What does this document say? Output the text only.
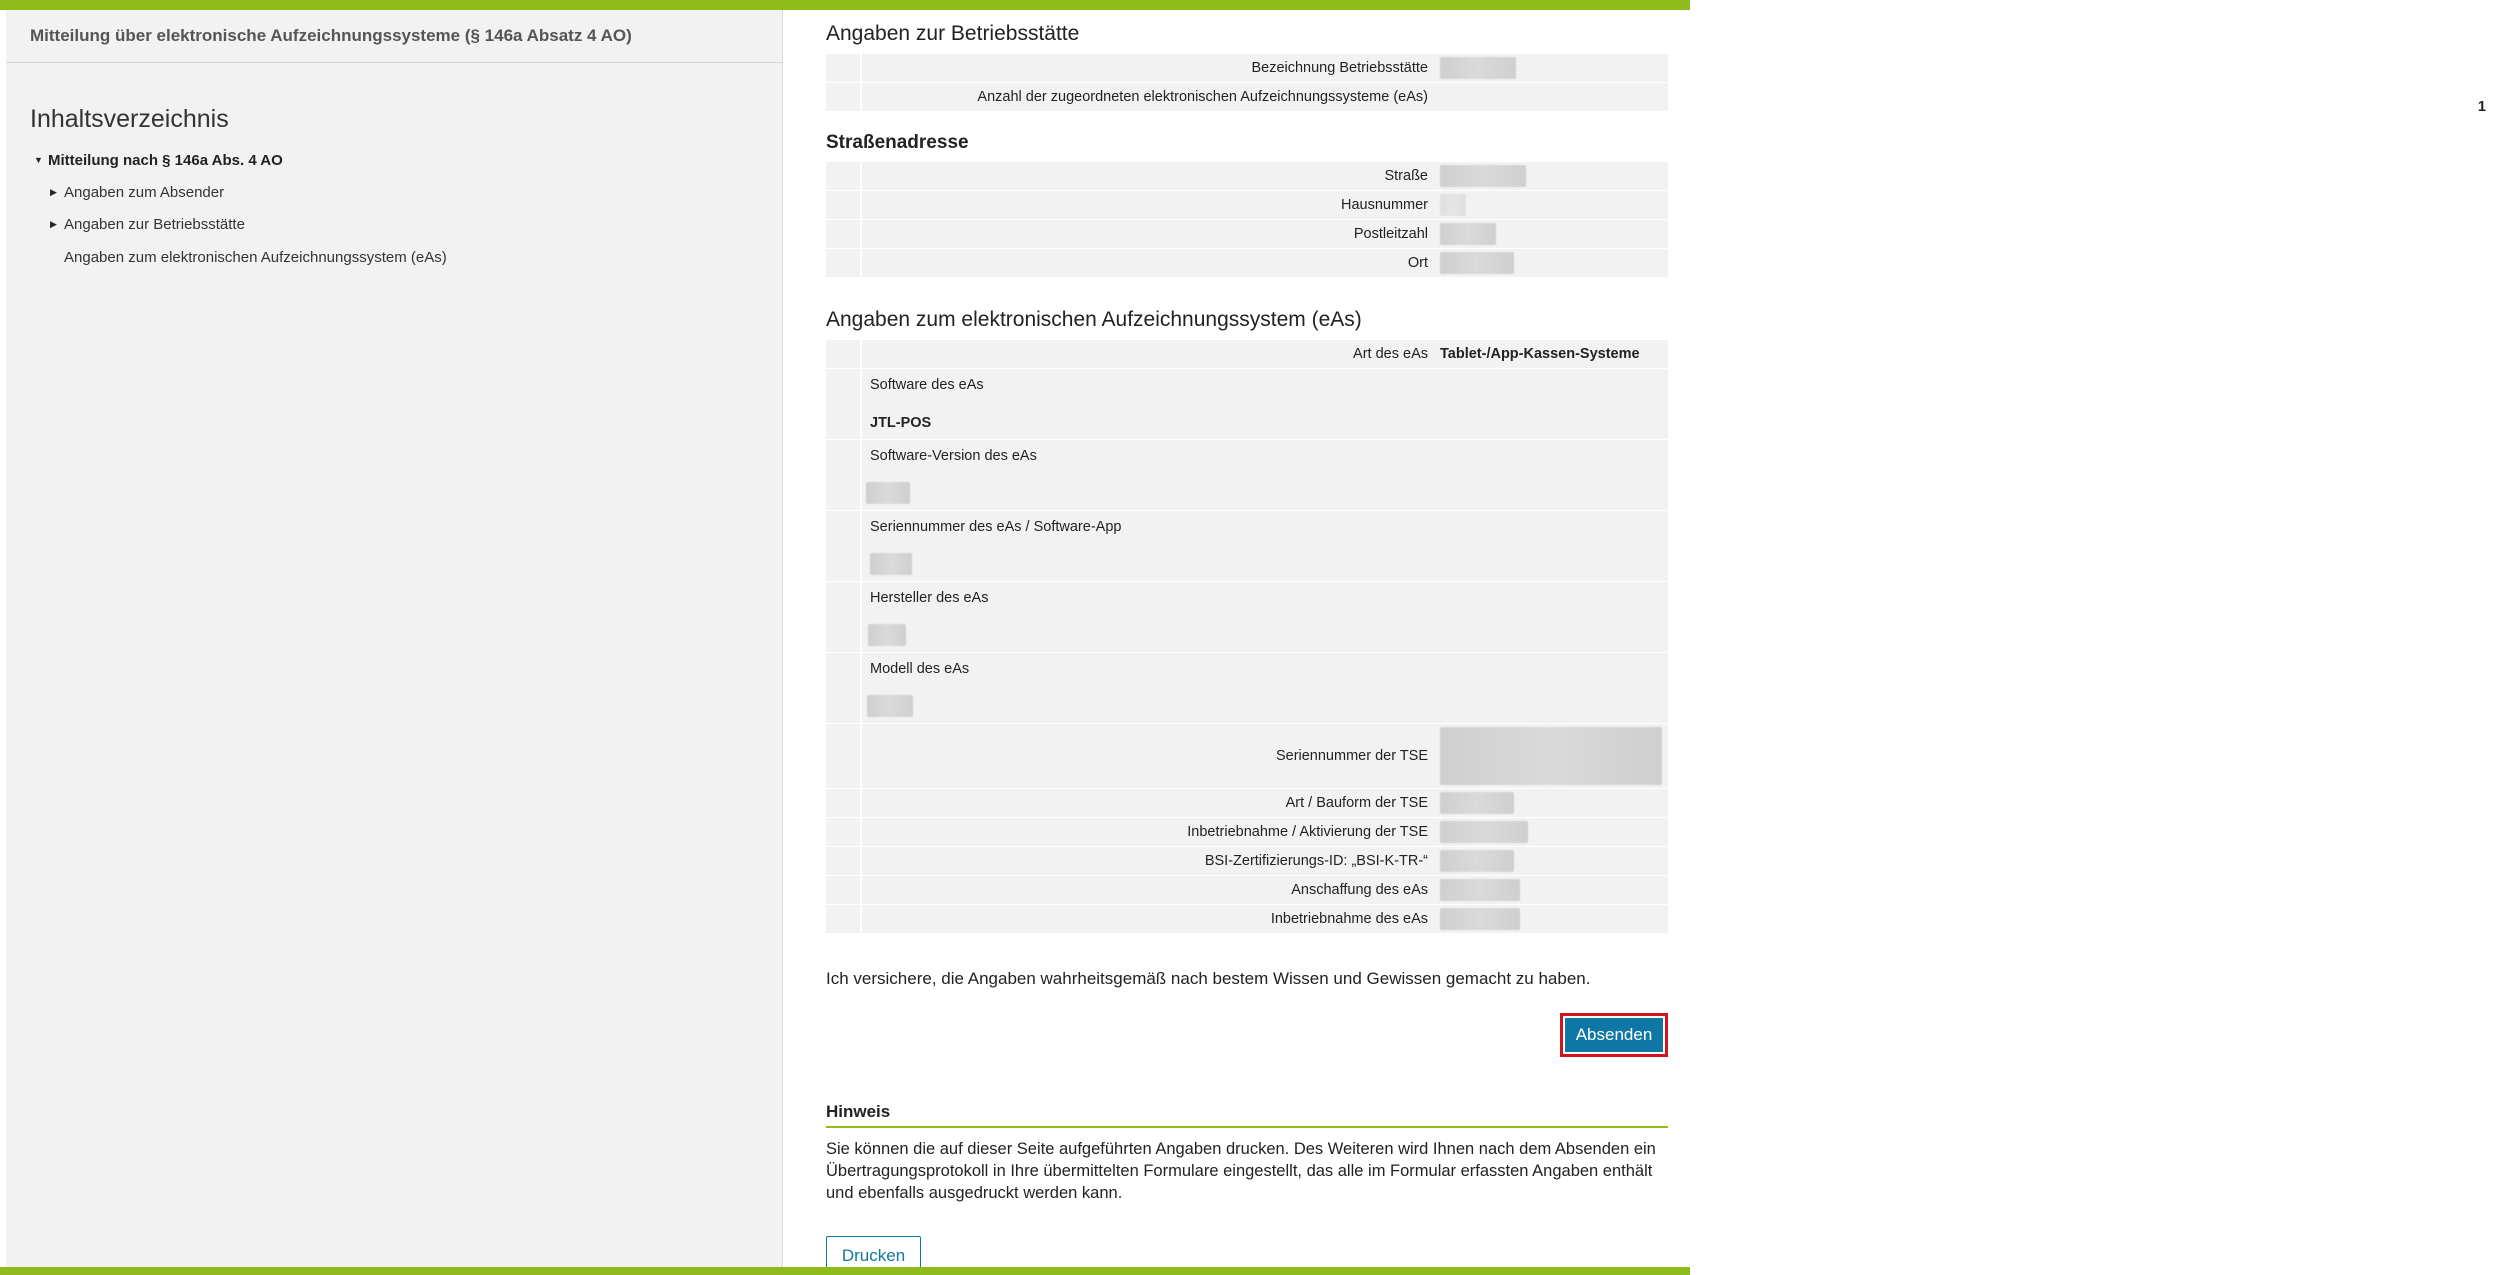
Mitteilung über elektronische Aufzeichnungssysteme (§ 146a Absatz 4 AO)
Inhaltsverzeichnis
▼ Mitteilung nach § 146a Abs. 4 AO
▶ Angaben zum Absender
▶ Angaben zur Betriebsstätte
Angaben zum elektronischen Aufzeichnungssystem (eAs)
Angaben zur Betriebsstätte
Bezeichnung Betriebsstätte
Anzahl der zugeordneten elektronischen Aufzeichnungssysteme (eAs)
1
Straßenadresse
Straße
Hausnummer
Postleitzahl
Ort
Angaben zum elektronischen Aufzeichnungssystem (eAs)
Art des eAs Tablet-/App-Kassen-Systeme
Software des eAs
JTL-POS
Software-Version des eAs
Seriennummer des eAs / Software-App
Hersteller des eAs
Modell des eAs
Seriennummer der TSE
Art / Bauform der TSE
Inbetriebnahme / Aktivierung der TSE
BSI-Zertifizierungs-ID: „BSI-K-TR-“
Anschaffung des eAs
Inbetriebnahme des eAs

Ich versichere, die Angaben wahrheitsgemäß nach bestem Wissen und Gewissen gemacht zu haben.

Absenden
Hinweis

Sie können die auf dieser Seite aufgeführten Angaben drucken. Des Weiteren wird Ihnen nach dem Absenden ein Übertragungsprotokoll in Ihre übermittelten Formulare eingestellt, das alle im Formular erfassten Angaben enthält und ebenfalls ausgedruckt werden kann.

Drucken
